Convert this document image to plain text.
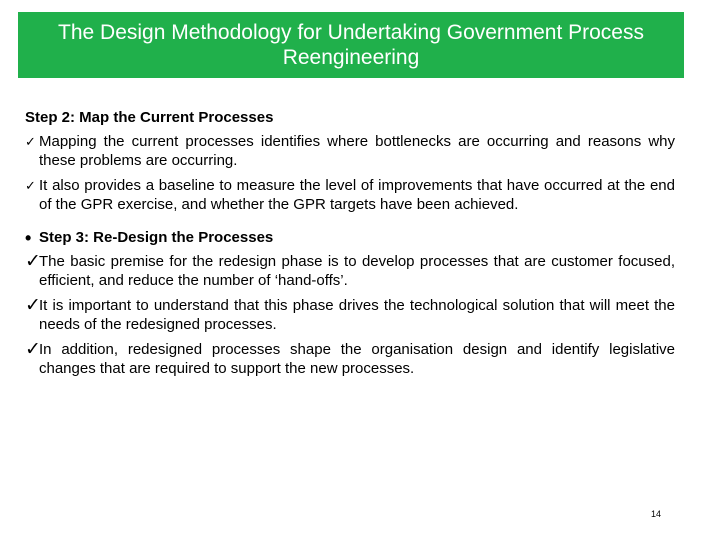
The Design Methodology for Undertaking Government Process Reengineering

Step 2: Map the Current Processes

✓ Mapping the current processes identifies where bottlenecks are occurring and reasons why these problems are occurring.
✓ It also provides a baseline to measure the level of improvements that have occurred at the end of the GPR exercise, and whether the GPR targets have been achieved.
• Step 3: Re-Design the Processes
✓
The basic premise for the redesign phase is to develop processes that are customer focused, efficient, and reduce the number of ‘hand-offs’.
✓
It is important to understand that this phase drives the technological solution that will meet the needs of the redesigned processes.
✓
In addition, redesigned processes shape the organisation design and identify legislative changes that are required to support the new processes.
14
